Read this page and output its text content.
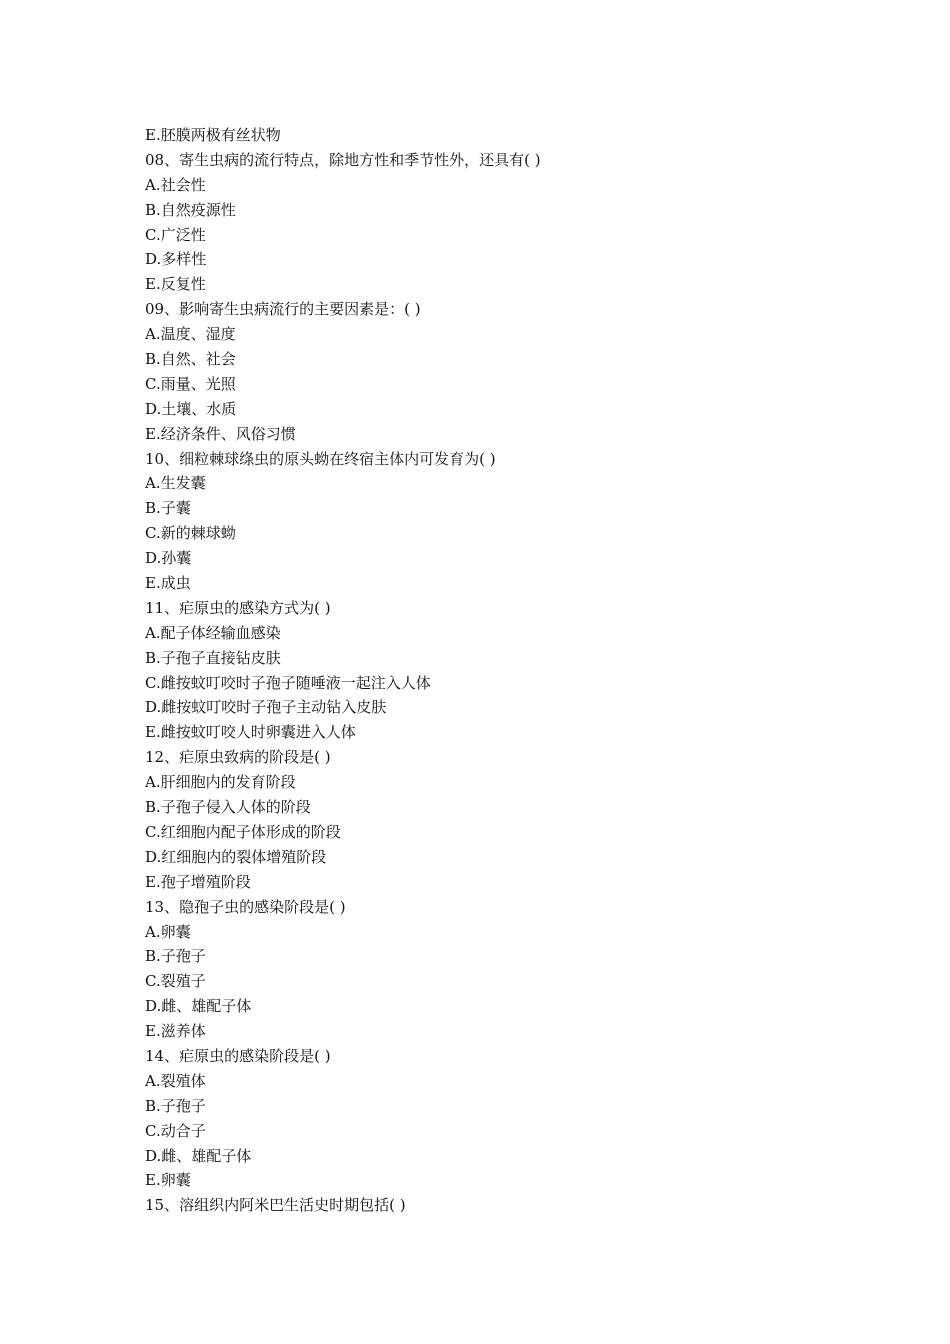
E.胚膜两极有丝状物
08、寄生虫病的流行特点，除地方性和季节性外，还具有( )
A.社会性
B.自然疫源性
C.广泛性
D.多样性
E.反复性
09、影响寄生虫病流行的主要因素是：( )
A.温度、湿度
B.自然、社会
C.雨量、光照
D.土壤、水质
E.经济条件、风俗习惯
10、细粒棘球绦虫的原头蚴在终宿主体内可发育为( )
A.生发囊
B.子囊
C.新的棘球蚴
D.孙囊
E.成虫
11、疟原虫的感染方式为( )
A.配子体经输血感染
B.子孢子直接钻皮肤
C.雌按蚊叮咬时子孢子随唾液一起注入人体
D.雌按蚊叮咬时子孢子主动钻入皮肤
E.雌按蚊叮咬人时卵囊进入人体
12、疟原虫致病的阶段是( )
A.肝细胞内的发育阶段
B.子孢子侵入人体的阶段
C.红细胞内配子体形成的阶段
D.红细胞内的裂体增殖阶段
E.孢子增殖阶段
13、隐孢子虫的感染阶段是( )
A.卵囊
B.子孢子
C.裂殖子
D.雌、雄配子体
E.滋养体
14、疟原虫的感染阶段是( )
A.裂殖体
B.子孢子
C.动合子
D.雌、雄配子体
E.卵囊
15、溶组织内阿米巴生活史时期包括( )
